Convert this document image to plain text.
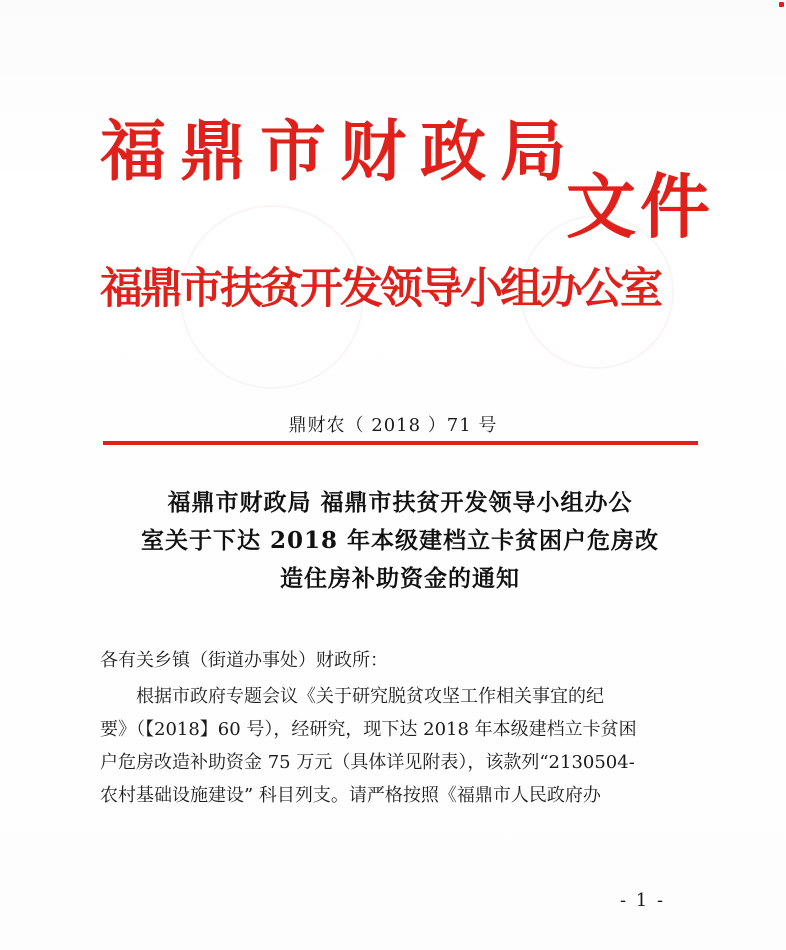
福鼎市财政局
文件
福鼎市扶贫开发领导小组办公室
鼎财农（ 2018 ）71 号
福鼎市财政局 福鼎市扶贫开发领导小组办公
室关于下达 2018 年本级建档立卡贫困户危房改
造住房补助资金的通知
各有关乡镇（街道办事处）财政所：
根据市政府专题会议《关于研究脱贫攻坚工作相关事宜的纪
要》（【2018】60 号），经研究，现下达 2018 年本级建档立卡贫困
户危房改造补助资金 75 万元（具体详见附表），该款列“2130504-
农村基础设施建设” 科目列支。请严格按照《福鼎市人民政府办
- 1 -
